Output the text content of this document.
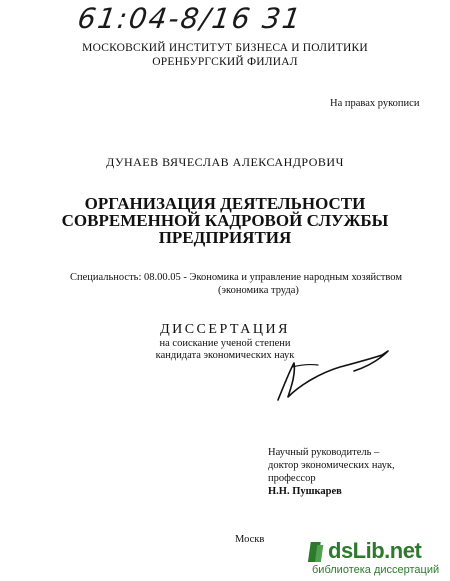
61:04-8/16 31
МОСКОВСКИЙ ИНСТИТУТ БИЗНЕСА И ПОЛИТИКИ
ОРЕНБУРГСКИЙ ФИЛИАЛ
На правах рукописи
ДУНАЕВ ВЯЧЕСЛАВ АЛЕКСАНДРОВИЧ
ОРГАНИЗАЦИЯ ДЕЯТЕЛЬНОСТИ
СОВРЕМЕННОЙ КАДРОВОЙ СЛУЖБЫ
ПРЕДПРИЯТИЯ
Специальность: 08.00.05 - Экономика и управление народным хозяйством
(экономика труда)
ДИССЕРТАЦИЯ
на соискание ученой степени
кандидата экономических наук
Научный руководитель –
доктор экономических наук,
профессор
Н.Н. Пушкарев
Москв	dsLib.net
библиотека диссертаций
